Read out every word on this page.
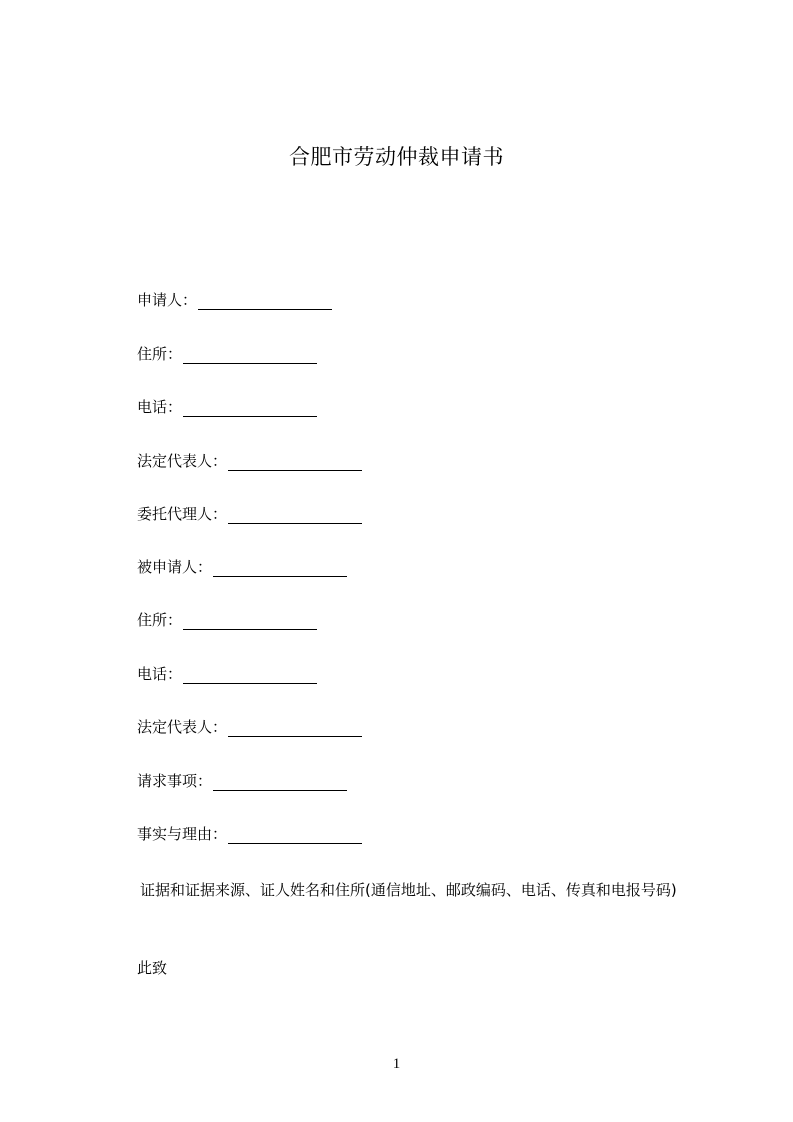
合肥市劳动仲裁申请书
申请人：
住所：
电话：
法定代表人：
委托代理人：
被申请人：
住所：
电话：
法定代表人：
请求事项：
事实与理由：
证据和证据来源、证人姓名和住所(通信地址、邮政编码、电话、传真和电报号码)
此致
1
